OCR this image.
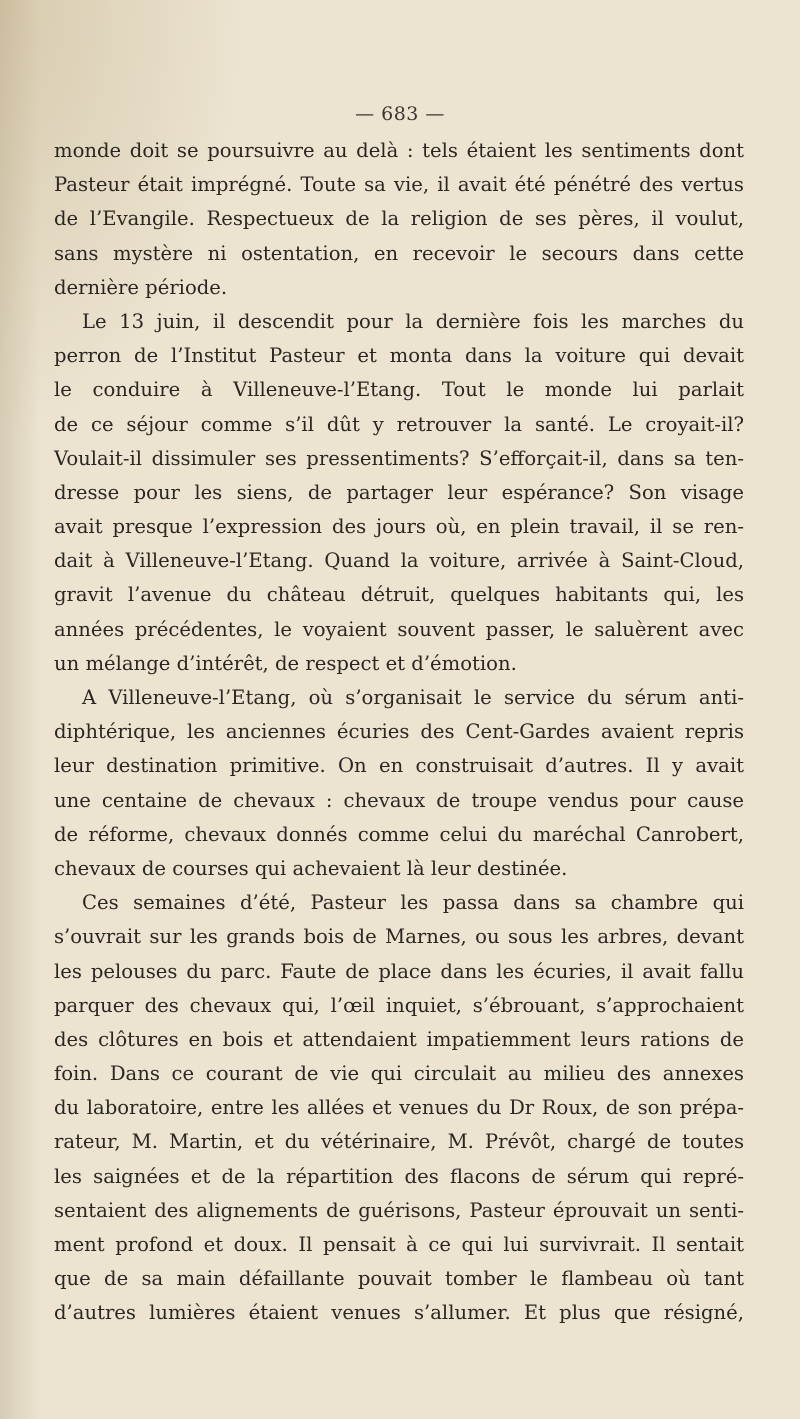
— 683 —
monde doit se poursuivre au delà : tels étaient les sentiments dont
Pasteur était imprégné. Toute sa vie, il avait été pénétré des vertus
de l’Evangile. Respectueux de la religion de ses pères, il voulut,
sans mystère ni ostentation, en recevoir le secours dans cette
dernière période.
Le 13 juin, il descendit pour la dernière fois les marches du
perron de l’Institut Pasteur et monta dans la voiture qui devait
le conduire à Villeneuve-l’Etang. Tout le monde lui parlait
de ce séjour comme s’il dût y retrouver la santé. Le croyait-il?
Voulait-il dissimuler ses pressentiments? S’efforçait-il, dans sa ten-
dresse pour les siens, de partager leur espérance? Son visage
avait presque l’expression des jours où, en plein travail, il se ren-
dait à Villeneuve-l’Etang. Quand la voiture, arrivée à Saint-Cloud,
gravit l’avenue du château détruit, quelques habitants qui, les
années précédentes, le voyaient souvent passer, le saluèrent avec
un mélange d’intérêt, de respect et d’émotion.
A Villeneuve-l’Etang, où s’organisait le service du sérum anti-
diphtérique, les anciennes écuries des Cent-Gardes avaient repris
leur destination primitive. On en construisait d’autres. Il y avait
une centaine de chevaux : chevaux de troupe vendus pour cause
de réforme, chevaux donnés comme celui du maréchal Canrobert,
chevaux de courses qui achevaient là leur destinée.
Ces semaines d’été, Pasteur les passa dans sa chambre qui
s’ouvrait sur les grands bois de Marnes, ou sous les arbres, devant
les pelouses du parc. Faute de place dans les écuries, il avait fallu
parquer des chevaux qui, l’œil inquiet, s’ébrouant, s’approchaient
des clôtures en bois et attendaient impatiemment leurs rations de
foin. Dans ce courant de vie qui circulait au milieu des annexes
du laboratoire, entre les allées et venues du Dr Roux, de son prépa-
rateur, M. Martin, et du vétérinaire, M. Prévôt, chargé de toutes
les saignées et de la répartition des flacons de sérum qui repré-
sentaient des alignements de guérisons, Pasteur éprouvait un senti-
ment profond et doux. Il pensait à ce qui lui survivrait. Il sentait
que de sa main défaillante pouvait tomber le flambeau où tant
d’autres lumières étaient venues s’allumer. Et plus que résigné,
